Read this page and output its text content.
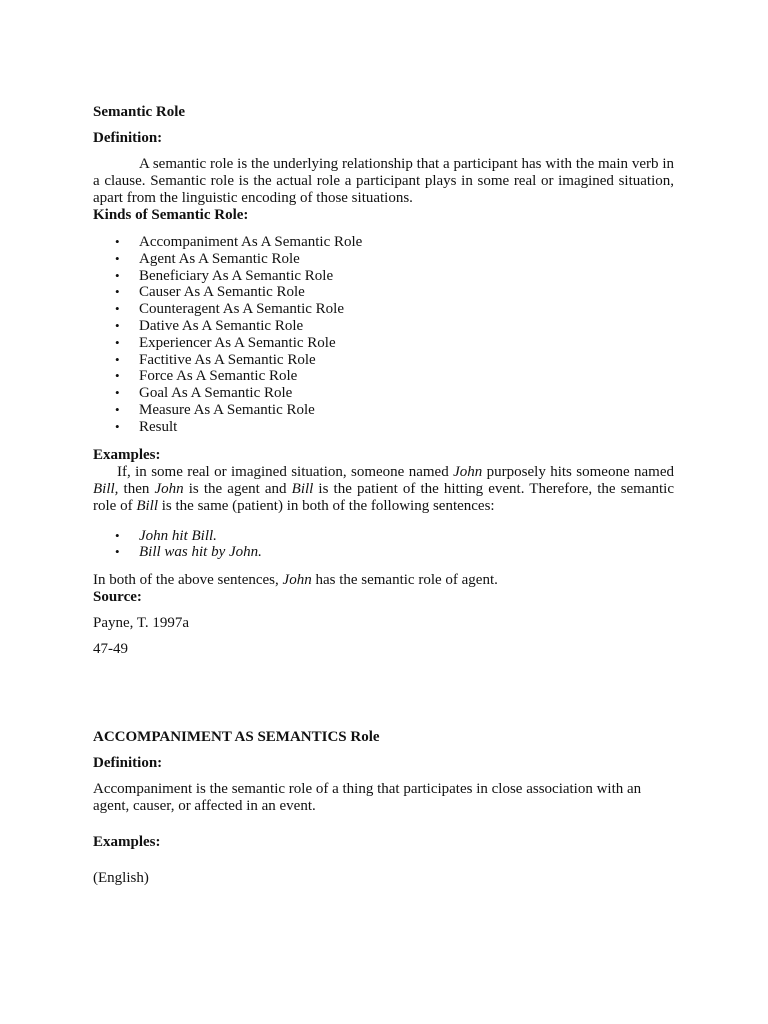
Semantic Role

Definition:

A semantic role is the underlying relationship that a participant has with the main verb in a clause. Semantic role is the actual role a participant plays in some real or imagined situation, apart from the linguistic encoding of those situations.

Kinds of Semantic Role:

• Accompaniment As A Semantic Role
• Agent As A Semantic Role
• Beneficiary As A Semantic Role
• Causer As A Semantic Role
• Counteragent As A Semantic Role
• Dative As A Semantic Role
• Experiencer As A Semantic Role
• Factitive As A Semantic Role
• Force As A Semantic Role
• Goal As A Semantic Role
• Measure As A Semantic Role
• Result

Examples:

If, in some real or imagined situation, someone named John purposely hits someone named Bill, then John is the agent and Bill is the patient of the hitting event. Therefore, the semantic role of Bill is the same (patient) in both of the following sentences:

• John hit Bill.
• Bill was hit by John.

In both of the above sentences, John has the semantic role of agent.

Source:

Payne, T. 1997a

47-49

ACCOMPANIMENT AS SEMANTICS Role

Definition:

Accompaniment is the semantic role of a thing that participates in close association with an agent, causer, or affected in an event.

Examples:

(English)
